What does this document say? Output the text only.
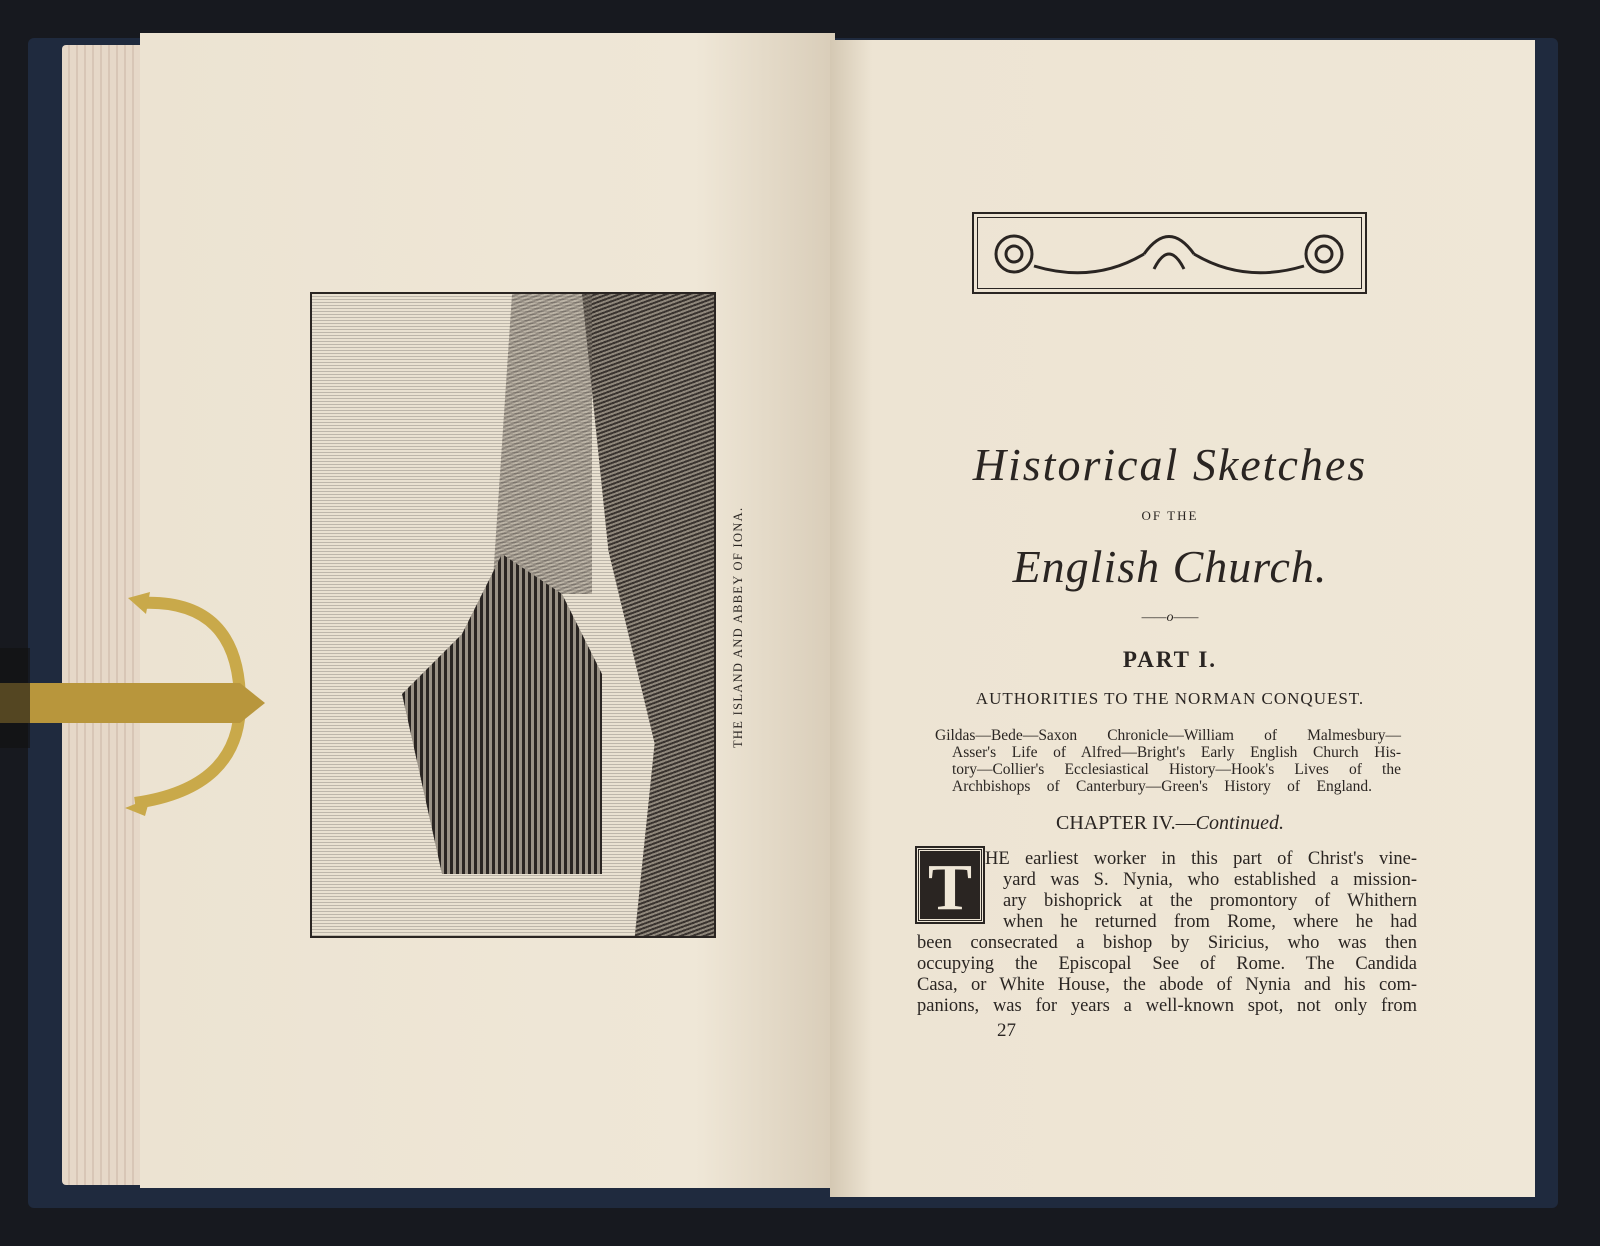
THE ISLAND AND ABBEY OF IONA.
Historical Sketches
OF THE
English Church.
——o——
PART I.
AUTHORITIES TO THE NORMAN CONQUEST.
Gildas—Bede—Saxon Chronicle—William of Malmesbury—
Asser's Life of Alfred—Bright's Early English Church His-
tory—Collier's Ecclesiastical History—Hook's Lives of the
Archbishops of Canterbury—Green's History of England.
CHAPTER IV.—Continued.
T HE earliest worker in this part of Christ's vine-
yard was S. Nynia, who established a mission-
ary bishoprick at the promontory of Whithern
when he returned from Rome, where he had
been consecrated a bishop by Siricius, who was then
occupying the Episcopal See of Rome. The Candida
Casa, or White House, the abode of Nynia and his com-
panions, was for years a well-known spot, not only from
27
